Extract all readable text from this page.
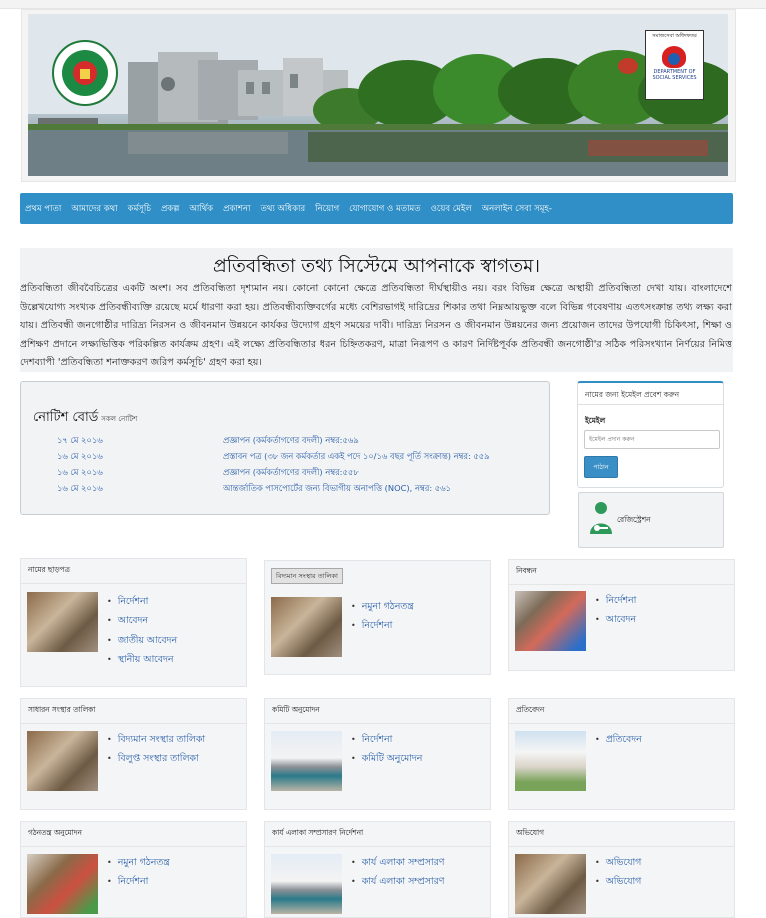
সমাজসেবা অধিদফতর
DEPARTMENT OF SOCIAL SERVICES
প্রথম পাতা	আমাদের কথা	কর্মসূচি	প্রকল্প	আর্থিক	প্রকাশনা	তথ্য অধিকার	নিয়োগ	যোগাযোগ ও মতামত	ওয়েব মেইল	অনলাইন সেবা সমূহ-
প্রতিবন্ধিতা তথ্য সিস্টেমে আপনাকে স্বাগতম।

প্রতিবন্ধিতা জীববৈচিত্রের একটি অংশ। সব প্রতিবন্ধিতা দৃশ্যমান নয়। কোনো কোনো ক্ষেত্রে প্রতিবন্ধিতা দীর্ঘস্থায়ীও নয়। বরং বিভিন্ন ক্ষেত্রে অস্থায়ী প্রতিবন্ধিতা দেখা যায়। বাংলাদেশে উল্লেখযোগ্য সংখ্যক প্রতিবন্ধীব্যক্তি রয়েছে মর্মে ধারণা করা হয়। প্রতিবন্ধীব্যক্তিবর্গের মধ্যে বেশিরভাগই দারিদ্রের শিকার তথা নিম্নআয়ভুক্ত বলে বিভিন্ন গবেষণায় এতৎসংক্রান্ত তথ্য লক্ষ্য করা যায়। প্রতিবন্ধী জনগোষ্ঠীর দারিদ্র্য নিরসন ও জীবনমান উন্নয়নে কার্যকর উদ্যোগ গ্রহণ সময়ের দাবী। দারিদ্র্য নিরসন ও জীবনমান উন্নয়নের জন্য প্রয়োজন তাদের উপযোগী চিকিৎসা, শিক্ষা ও প্রশিক্ষণ প্রদানে লক্ষ্যভিত্তিক পরিকল্পিত কার্যক্রম গ্রহণ। এই লক্ষ্যে প্রতিবন্ধিতার ধরন চিহ্নিতকরণ, মাত্রা নিরূপণ ও কারণ নির্দিষ্টপূর্বক প্রতিবন্ধী জনগোষ্ঠী'র সঠিক পরিসংখ্যান নির্ণয়ের নিমিত্ত দেশব্যাপী 'প্রতিবন্ধিতা শনাক্তকরণ জরিপ কর্মসূচি' গ্রহণ করা হয়।

নোটিশ বোর্ড সকল নোটিশ
১৭ মে ২০১৬	প্রজ্ঞাপন (কর্মকর্তাগণের বদলী) নম্বর:৫৬৯
১৬ মে ২০১৬	প্রস্তাবন পত্র (৩৮ জন কর্মকর্তার একই পদে ১০/১৬ বছর পূর্তি সংক্রান্ত) নম্বর: ৫৫৯
১৬ মে ২০১৬	প্রজ্ঞাপন (কর্মকর্তাগণের বদলী) নম্বর:৫৫৮
১৬ মে ২০১৬	আন্তর্জাতিক পাসপোর্টের জন্য বিভাগীয় অনাপত্তি (NOC), নম্বর: ৫৬১
নামের জন্য ইমেইল প্রবেশ করুন
ইমেইল
ইমেইল প্রদান করুন
পাঠান
রেজিস্ট্রেশন
নামের ছাড়পত্র
• নির্দেশনা
• আবেদন
• জাতীয় আবেদন
• স্থানীয় আবেদন
বিদ্যমান সংস্থার তালিকা
• নমুনা গঠনতন্ত্র
• নির্দেশনা
নিবন্ধন
• নির্দেশনা
• আবেদন
সাধারন সংস্থার তালিকা
• বিদ্যমান সংস্থার তালিকা
• বিলুপ্ত সংস্থার তালিকা
কমিটি অনুমোদন
• নির্দেশনা
• কমিটি অনুমোদন
প্রতিবেদন
• প্রতিবেদন
গঠনতন্ত্র অনুমোদন
• নমুনা গঠনতন্ত্র
• নির্দেশনা
কার্য এলাকা সম্প্রসারণ নির্দেশনা
• কার্য এলাকা সম্প্রসারণ
• কার্য এলাকা সম্প্রসারণ
অভিযোগ
• অভিযোগ
• অভিযোগ
